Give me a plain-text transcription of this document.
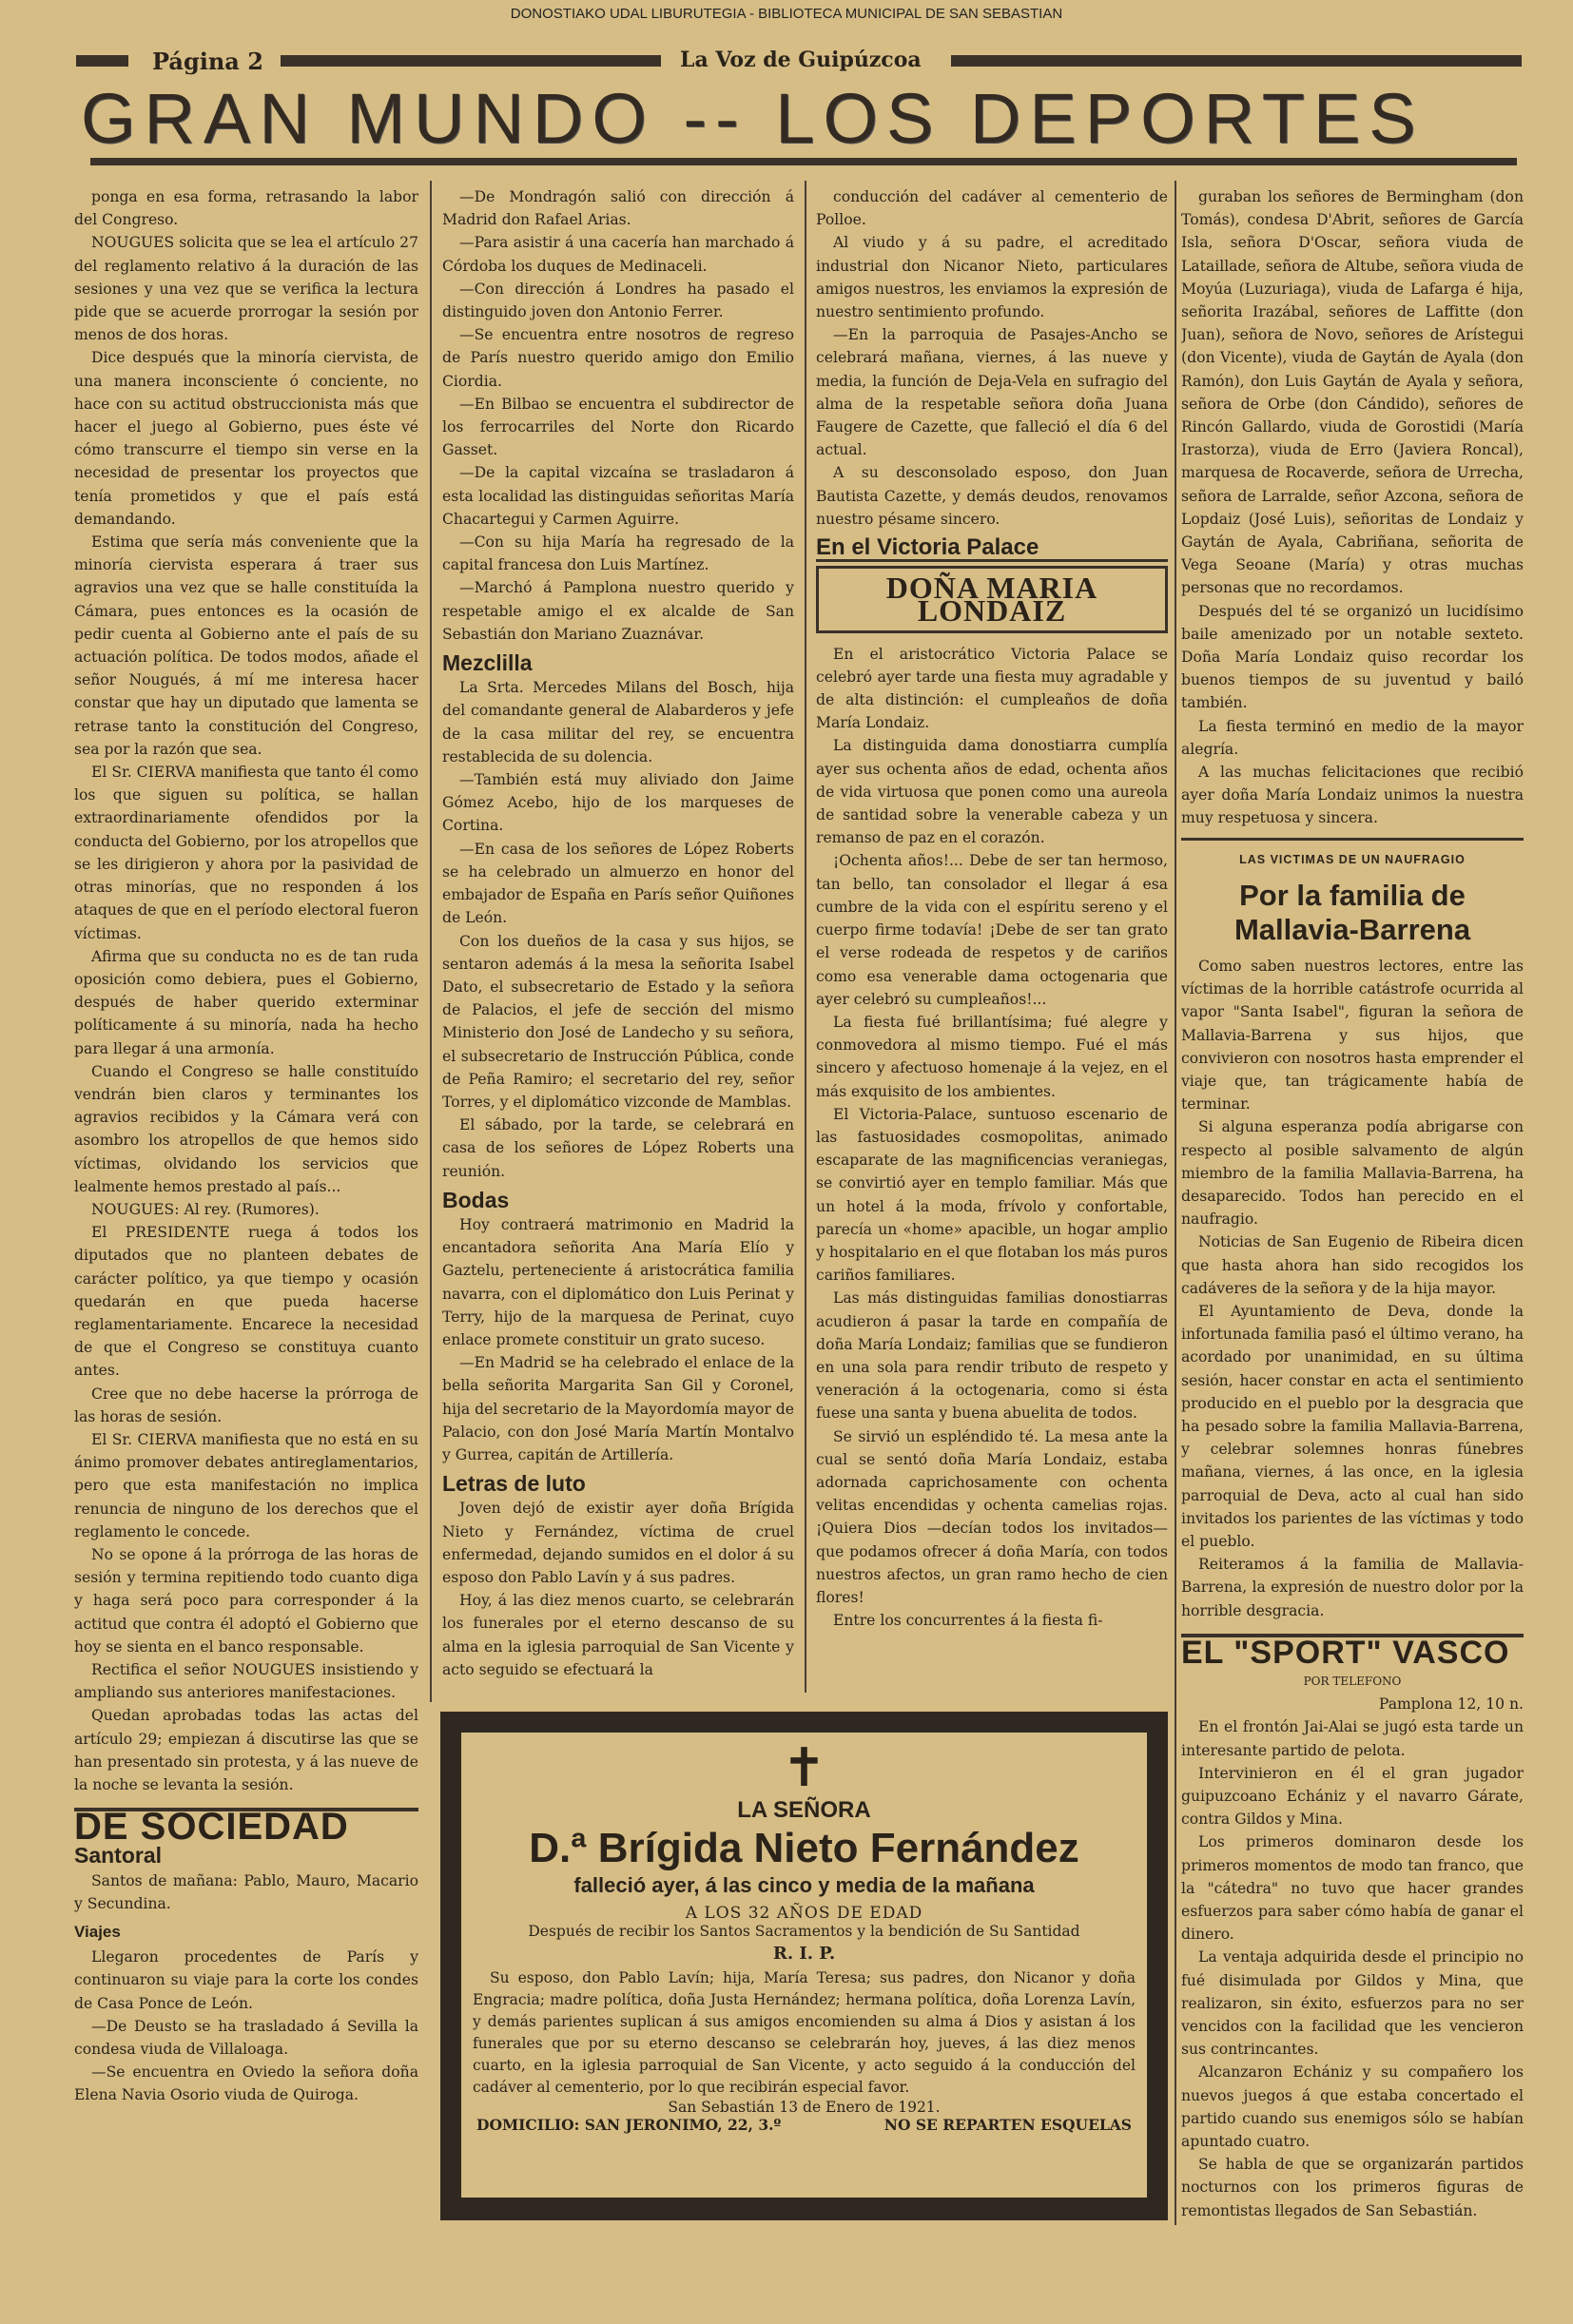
DONOSTIAKO UDAL LIBURUTEGIA - BIBLIOTECA MUNICIPAL DE SAN SEBASTIAN
Página 2	La Voz de Guipúzcoa
GRAN MUNDO -- LOS DEPORTES

ponga en esa forma, retrasando la labor del Congreso.

NOUGUES solicita que se lea el artículo 27 del reglamento relativo á la duración de las sesiones y una vez que se verifica la lectura pide que se acuerde prorrogar la sesión por menos de dos horas.

Dice después que la minoría ciervista, de una manera inconsciente ó conciente, no hace con su actitud obstruccionista más que hacer el juego al Gobierno, pues éste vé cómo transcurre el tiempo sin verse en la necesidad de presentar los proyectos que tenía prometidos y que el país está demandando.

Estima que sería más conveniente que la minoría ciervista esperara á traer sus agravios una vez que se halle constituída la Cámara, pues entonces es la ocasión de pedir cuenta al Gobierno ante el país de su actuación política. De todos modos, añade el señor Nougués, á mí me interesa hacer constar que hay un diputado que lamenta se retrase tanto la constitución del Congreso, sea por la razón que sea.

El Sr. CIERVA manifiesta que tanto él como los que siguen su política, se hallan extraordinariamente ofendidos por la conducta del Gobierno, por los atropellos que se les dirigieron y ahora por la pasividad de otras minorías, que no responden á los ataques de que en el período electoral fueron víctimas.

Afirma que su conducta no es de tan ruda oposición como debiera, pues el Gobierno, después de haber querido exterminar políticamente á su minoría, nada ha hecho para llegar á una armonía.

Cuando el Congreso se halle constituído vendrán bien claros y terminantes los agravios recibidos y la Cámara verá con asombro los atropellos de que hemos sido víctimas, olvidando los servicios que lealmente hemos prestado al país...

NOUGUES: Al rey. (Rumores).

El PRESIDENTE ruega á todos los diputados que no planteen debates de carácter político, ya que tiempo y ocasión quedarán en que pueda hacerse reglamentariamente. Encarece la necesidad de que el Congreso se constituya cuanto antes.

Cree que no debe hacerse la prórroga de las horas de sesión.

El Sr. CIERVA manifiesta que no está en su ánimo promover debates antireglamentarios, pero que esta manifestación no implica renuncia de ninguno de los derechos que el reglamento le concede.

No se opone á la prórroga de las horas de sesión y termina repitiendo todo cuanto diga y haga será poco para corresponder á la actitud que contra él adoptó el Gobierno que hoy se sienta en el banco responsable.

Rectifica el señor NOUGUES insistiendo y ampliando sus anteriores manifestaciones.

Quedan aprobadas todas las actas del artículo 29; empiezan á discutirse las que se han presentado sin protesta, y á las nueve de la noche se levanta la sesión.

DE SOCIEDAD
Santoral

Santos de mañana: Pablo, Mauro, Macario y Secundina.

Viajes

Llegaron procedentes de París y continuaron su viaje para la corte los condes de Casa Ponce de León.

—De Deusto se ha trasladado á Sevilla la condesa viuda de Villaloaga.

—Se encuentra en Oviedo la señora doña Elena Navia Osorio viuda de Quiroga.

—De Mondragón salió con dirección á Madrid don Rafael Arias.

—Para asistir á una cacería han marchado á Córdoba los duques de Medinaceli.

—Con dirección á Londres ha pasado el distinguido joven don Antonio Ferrer.

—Se encuentra entre nosotros de regreso de París nuestro querido amigo don Emilio Ciordia.

—En Bilbao se encuentra el subdirector de los ferrocarriles del Norte don Ricardo Gasset.

—De la capital vizcaína se trasladaron á esta localidad las distinguidas señoritas María Chacartegui y Carmen Aguirre.

—Con su hija María ha regresado de la capital francesa don Luis Martínez.

—Marchó á Pamplona nuestro querido y respetable amigo el ex alcalde de San Sebastián don Mariano Zuaznávar.

Mezclilla

La Srta. Mercedes Milans del Bosch, hija del comandante general de Alabarderos y jefe de la casa militar del rey, se encuentra restablecida de su dolencia.

—También está muy aliviado don Jaime Gómez Acebo, hijo de los marqueses de Cortina.

—En casa de los señores de López Roberts se ha celebrado un almuerzo en honor del embajador de España en París señor Quiñones de León.

Con los dueños de la casa y sus hijos, se sentaron además á la mesa la señorita Isabel Dato, el subsecretario de Estado y la señora de Palacios, el jefe de sección del mismo Ministerio don José de Landecho y su señora, el subsecretario de Instrucción Pública, conde de Peña Ramiro; el secretario del rey, señor Torres, y el diplomático vizconde de Mamblas.

El sábado, por la tarde, se celebrará en casa de los señores de López Roberts una reunión.

Bodas

Hoy contraerá matrimonio en Madrid la encantadora señorita Ana María Elío y Gaztelu, perteneciente á aristocrática familia navarra, con el diplomático don Luis Perinat y Terry, hijo de la marquesa de Perinat, cuyo enlace promete constituir un grato suceso.

—En Madrid se ha celebrado el enlace de la bella señorita Margarita San Gil y Coronel, hija del secretario de la Mayordomía mayor de Palacio, con don José María Martín Montalvo y Gurrea, capitán de Artillería.

Letras de luto

Joven dejó de existir ayer doña Brígida Nieto y Fernández, víctima de cruel enfermedad, dejando sumidos en el dolor á su esposo don Pablo Lavín y á sus padres.

Hoy, á las diez menos cuarto, se celebrarán los funerales por el eterno descanso de su alma en la iglesia parroquial de San Vicente y acto seguido se efectuará la

conducción del cadáver al cementerio de Polloe.

Al viudo y á su padre, el acreditado industrial don Nicanor Nieto, particulares amigos nuestros, les enviamos la expresión de nuestro sentimiento profundo.

—En la parroquia de Pasajes-Ancho se celebrará mañana, viernes, á las nueve y media, la función de Deja-Vela en sufragio del alma de la respetable señora doña Juana Faugere de Cazette, que falleció el día 6 del actual.

A su desconsolado esposo, don Juan Bautista Cazette, y demás deudos, renovamos nuestro pésame sincero.

En el Victoria Palace
DOÑA MARIA LONDAIZ

En el aristocrático Victoria Palace se celebró ayer tarde una fiesta muy agradable y de alta distinción: el cumpleaños de doña María Londaiz.

La distinguida dama donostiarra cumplía ayer sus ochenta años de edad, ochenta años de vida virtuosa que ponen como una aureola de santidad sobre la venerable cabeza y un remanso de paz en el corazón.

¡Ochenta años!... Debe de ser tan hermoso, tan bello, tan consolador el llegar á esa cumbre de la vida con el espíritu sereno y el cuerpo firme todavía! ¡Debe de ser tan grato el verse rodeada de respetos y de cariños como esa venerable dama octogenaria que ayer celebró su cumpleaños!...

La fiesta fué brillantísima; fué alegre y conmovedora al mismo tiempo. Fué el más sincero y afectuoso homenaje á la vejez, en el más exquisito de los ambientes.

El Victoria-Palace, suntuoso escenario de las fastuosidades cosmopolitas, animado escaparate de las magnificencias veraniegas, se convirtió ayer en templo familiar. Más que un hotel á la moda, frívolo y confortable, parecía un «home» apacible, un hogar amplio y hospitalario en el que flotaban los más puros cariños familiares.

Las más distinguidas familias donostiarras acudieron á pasar la tarde en compañía de doña María Londaiz; familias que se fundieron en una sola para rendir tributo de respeto y veneración á la octogenaria, como si ésta fuese una santa y buena abuelita de todos.

Se sirvió un espléndido té. La mesa ante la cual se sentó doña María Londaiz, estaba adornada caprichosamente con ochenta velitas encendidas y ochenta camelias rojas. ¡Quiera Dios —decían todos los invitados— que podamos ofrecer á doña María, con todos nuestros afectos, un gran ramo hecho de cien flores!

Entre los concurrentes á la fiesta fi-

guraban los señores de Bermingham (don Tomás), condesa D'Abrit, señores de García Isla, señora D'Oscar, señora viuda de Lataillade, señora de Altube, señora viuda de Moyúa (Luzuriaga), viuda de Lafarga é hija, señorita Irazábal, señores de Laffitte (don Juan), señora de Novo, señores de Arístegui (don Vicente), viuda de Gaytán de Ayala (don Ramón), don Luis Gaytán de Ayala y señora, señora de Orbe (don Cándido), señores de Rincón Gallardo, viuda de Gorostidi (María Irastorza), viuda de Erro (Javiera Roncal), marquesa de Rocaverde, señora de Urrecha, señora de Larralde, señor Azcona, señora de Lopdaiz (José Luis), señoritas de Londaiz y Gaytán de Ayala, Cabriñana, señorita de Vega Seoane (María) y otras muchas personas que no recordamos.

Después del té se organizó un lucidísimo baile amenizado por un notable sexteto. Doña María Londaiz quiso recordar los buenos tiempos de su juventud y bailó también.

La fiesta terminó en medio de la mayor alegría.

A las muchas felicitaciones que recibió ayer doña María Londaiz unimos la nuestra muy respetuosa y sincera.

LAS VICTIMAS DE UN NAUFRAGIO
Por la familia de Mallavia-Barrena

Como saben nuestros lectores, entre las víctimas de la horrible catástrofe ocurrida al vapor "Santa Isabel", figuran la señora de Mallavia-Barrena y sus hijos, que convivieron con nosotros hasta emprender el viaje que, tan trágicamente había de terminar.

Si alguna esperanza podía abrigarse con respecto al posible salvamento de algún miembro de la familia Mallavia-Barrena, ha desaparecido. Todos han perecido en el naufragio.

Noticias de San Eugenio de Ribeira dicen que hasta ahora han sido recogidos los cadáveres de la señora y de la hija mayor.

El Ayuntamiento de Deva, donde la infortunada familia pasó el último verano, ha acordado por unanimidad, en su última sesión, hacer constar en acta el sentimiento producido en el pueblo por la desgracia que ha pesado sobre la familia Mallavia-Barrena, y celebrar solemnes honras fúnebres mañana, viernes, á las once, en la iglesia parroquial de Deva, acto al cual han sido invitados los parientes de las víctimas y todo el pueblo.

Reiteramos á la familia de Mallavia-Barrena, la expresión de nuestro dolor por la horrible desgracia.

EL "SPORT" VASCO
POR TELEFONO
Pamplona 12, 10 n.

En el frontón Jai-Alai se jugó esta tarde un interesante partido de pelota.

Intervinieron en él el gran jugador guipuzcoano Echániz y el navarro Gárate, contra Gildos y Mina.

Los primeros dominaron desde los primeros momentos de modo tan franco, que la "cátedra" no tuvo que hacer grandes esfuerzos para saber cómo había de ganar el dinero.

La ventaja adquirida desde el principio no fué disimulada por Gildos y Mina, que realizaron, sin éxito, esfuerzos para no ser vencidos con la facilidad que les vencieron sus contrincantes.

Alcanzaron Echániz y su compañero los nuevos juegos á que estaba concertado el partido cuando sus enemigos sólo se habían apuntado cuatro.

Se habla de que se organizarán partidos nocturnos con los primeros figuras de remontistas llegados de San Sebastián.

✝
LA SEÑORA
D.ª Brígida Nieto Fernández
falleció ayer, á las cinco y media de la mañana
A LOS 32 AÑOS DE EDAD
Después de recibir los Santos Sacramentos y la bendición de Su Santidad
R. I. P.
Su esposo, don Pablo Lavín; hija, María Teresa; sus padres, don Nicanor y doña Engracia; madre política, doña Justa Hernández; hermana política, doña Lorenza Lavín, y demás parientes suplican á sus amigos encomienden su alma á Dios y asistan á los funerales que por su eterno descanso se celebrarán hoy, jueves, á las diez menos cuarto, en la iglesia parroquial de San Vicente, y acto seguido á la conducción del cadáver al cementerio, por lo que recibirán especial favor.
San Sebastián 13 de Enero de 1921.
DOMICILIO: SAN JERONIMO, 22, 3.º	NO SE REPARTEN ESQUELAS
